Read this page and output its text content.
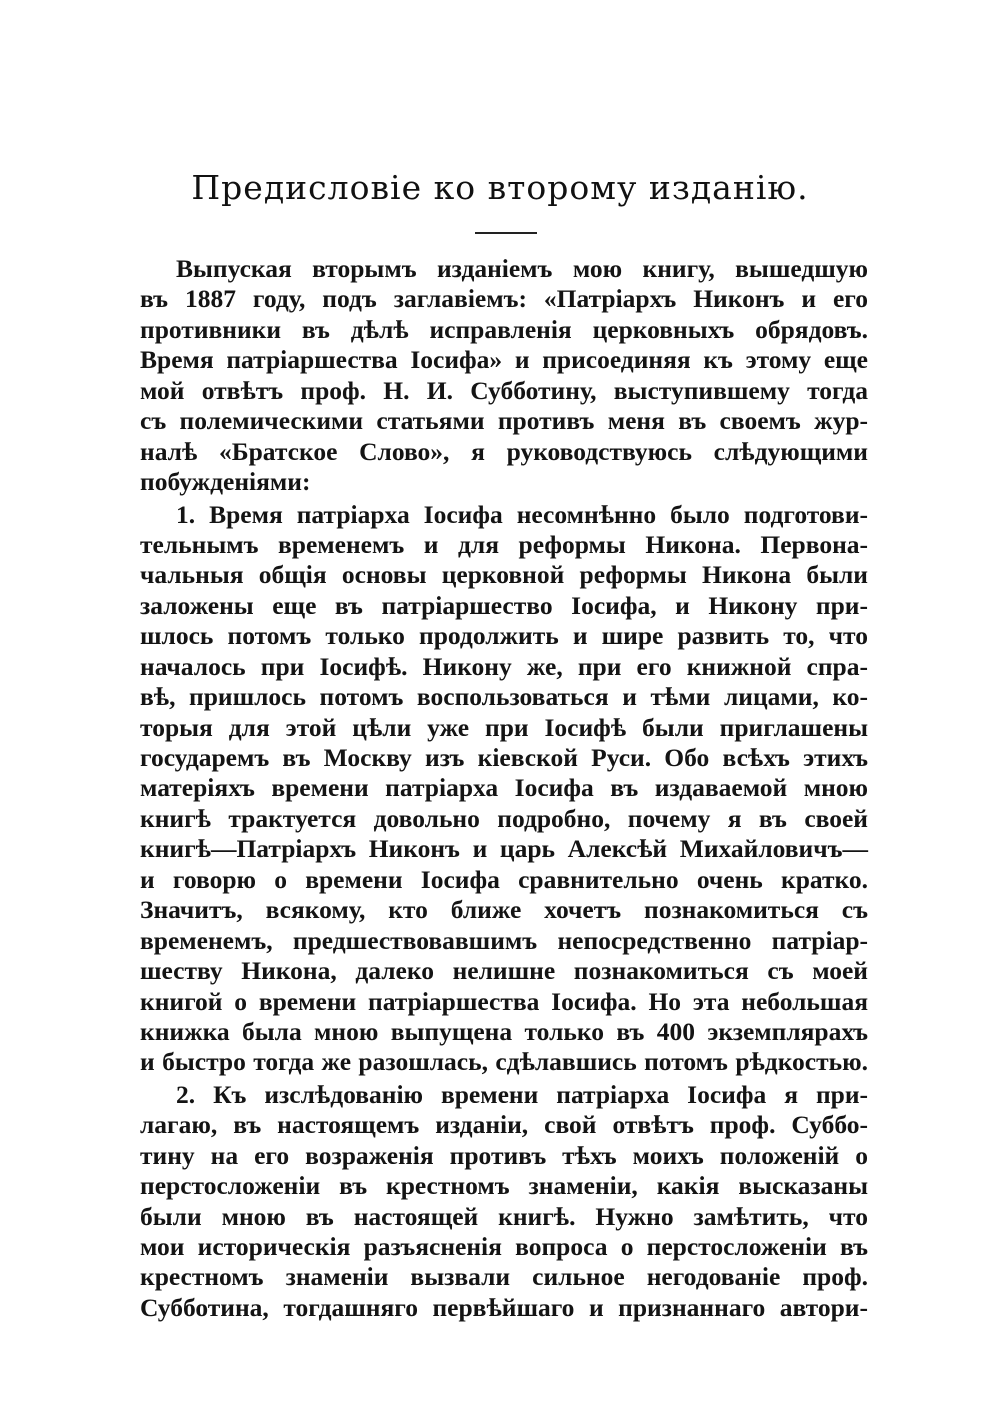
Предисловіе ко второму изданію.
Выпуская вторымъ изданіемъ мою книгу, вышедшую
въ 1887 году, подъ заглавіемъ: «Патріархъ Никонъ и его
противники въ дѣлѣ исправленія церковныхъ обрядовъ.
Время патріаршества Іосифа» и присоединяя къ этому еще
мой отвѣтъ проф. Н. И. Субботину, выступившему тогда
съ полемическими статьями противъ меня въ своемъ жур-
налѣ «Братское Слово», я руководствуюсь слѣдующими
побужденіями:
1. Время патріарха Іосифа несомнѣнно было подготови-
тельнымъ временемъ и для реформы Никона. Первона-
чальныя общія основы церковной реформы Никона были
заложены еще въ патріаршество Іосифа, и Никону при-
шлось потомъ только продолжить и шире развить то, что
началось при Іосифѣ. Никону же, при его книжной спра-
вѣ, пришлось потомъ воспользоваться и тѣми лицами, ко-
торыя для этой цѣли уже при Іосифѣ были приглашены
государемъ въ Москву изъ кіевской Руси. Обо всѣхъ этихъ
матеріяхъ времени патріарха Іосифа въ издаваемой мною
книгѣ трактуется довольно подробно, почему я въ своей
книгѣ—Патріархъ Никонъ и царь Алексѣй Михайловичъ—
и говорю о времени Іосифа сравнительно очень кратко.
Значитъ, всякому, кто ближе хочетъ познакомиться съ
временемъ, предшествовавшимъ непосредственно патріар-
шеству Никона, далеко нелишне познакомиться съ моей
книгой о времени патріаршества Іосифа. Но эта небольшая
книжка была мною выпущена только въ 400 экземплярахъ
и быстро тогда же разошлась, сдѣлавшись потомъ рѣдкостью.
2. Къ изслѣдованію времени патріарха Іосифа я при-
лагаю, въ настоящемъ изданіи, свой отвѣтъ проф. Суббо-
тину на его возраженія противъ тѣхъ моихъ положеній о
перстосложеніи въ крестномъ знаменіи, какія высказаны
были мною въ настоящей книгѣ. Нужно замѣтить, что
мои историческія разъясненія вопроса о перстосложеніи въ
крестномъ знаменіи вызвали сильное негодованіе проф.
Субботина, тогдашняго первѣйшаго и признаннаго автори-
